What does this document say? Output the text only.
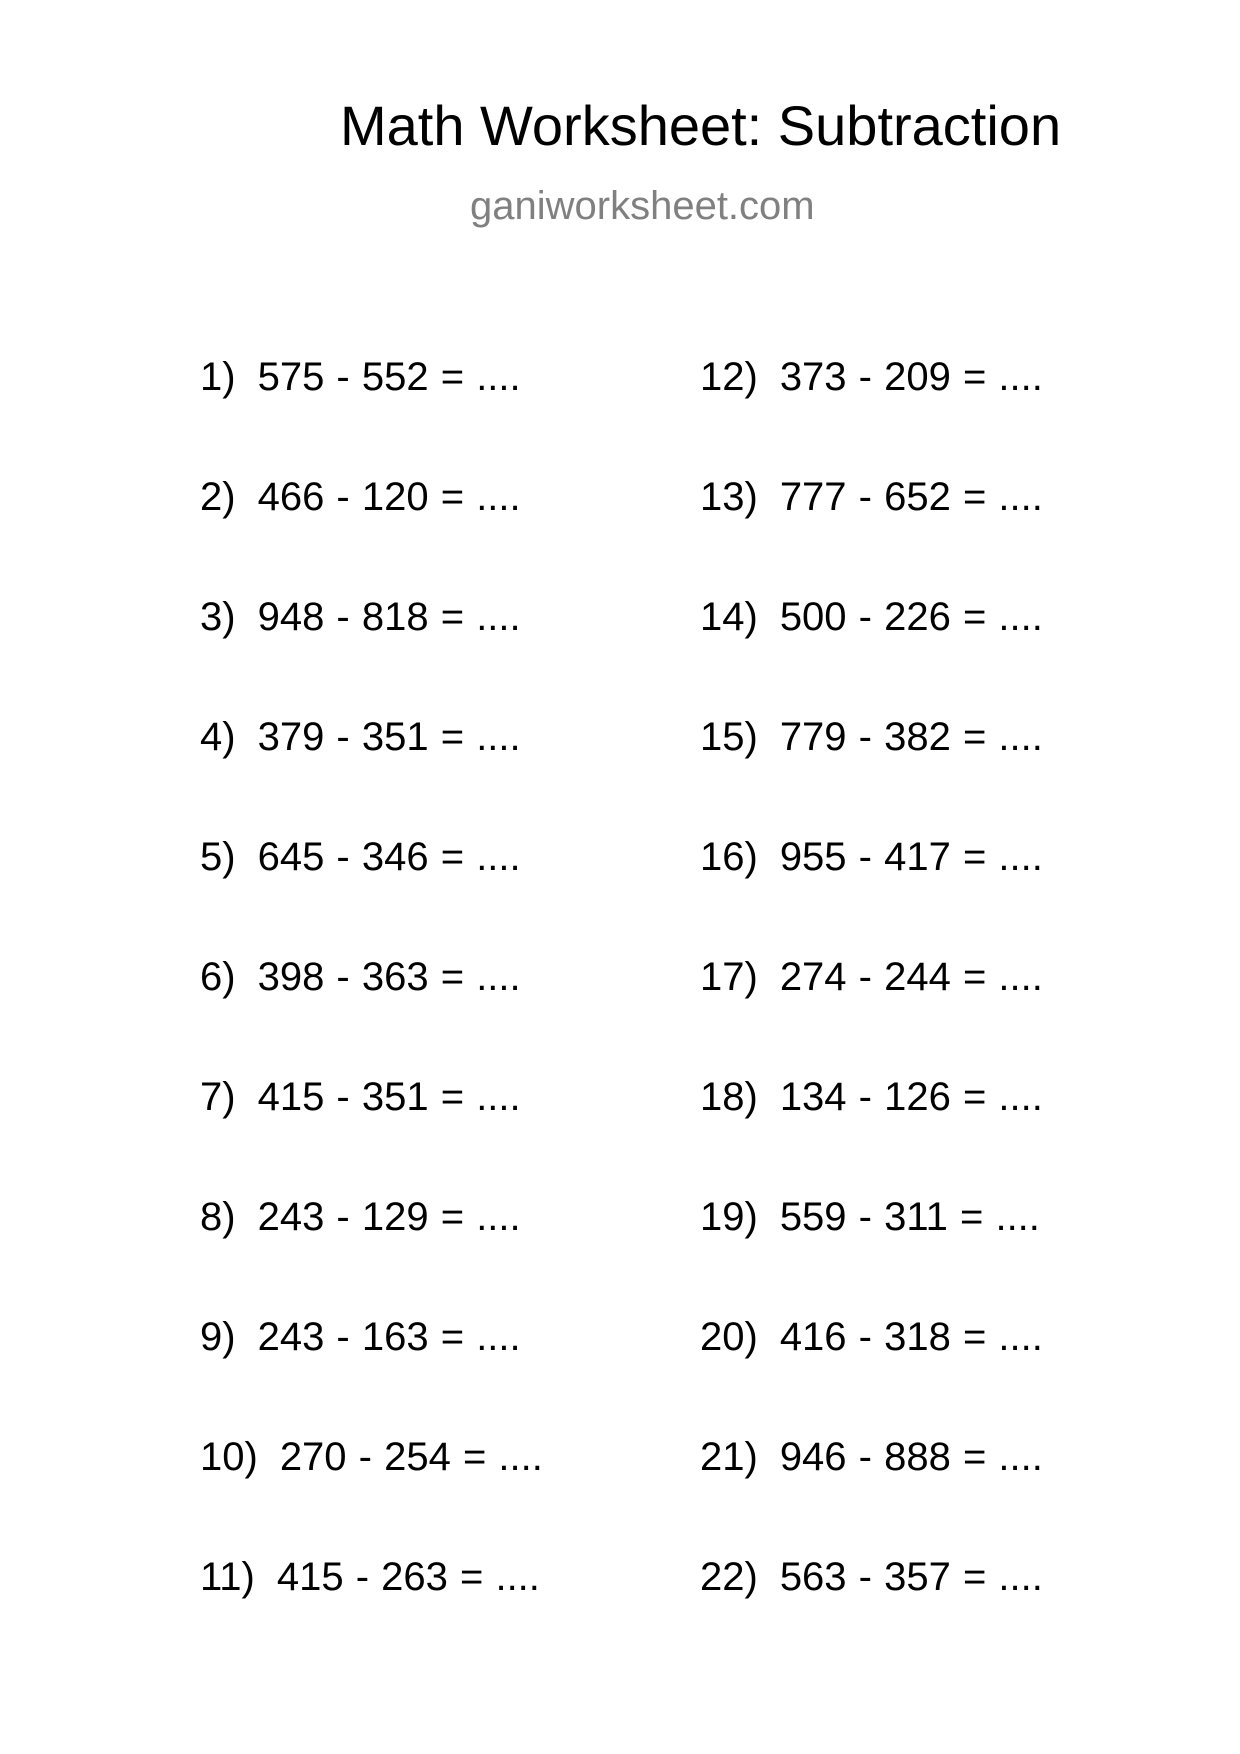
Math Worksheet: Subtraction
ganiworksheet.com
1) 575 - 552 = ....
2) 466 - 120 = ....
3) 948 - 818 = ....
4) 379 - 351 = ....
5) 645 - 346 = ....
6) 398 - 363 = ....
7) 415 - 351 = ....
8) 243 - 129 = ....
9) 243 - 163 = ....
10) 270 - 254 = ....
11) 415 - 263 = ....
12) 373 - 209 = ....
13) 777 - 652 = ....
14) 500 - 226 = ....
15) 779 - 382 = ....
16) 955 - 417 = ....
17) 274 - 244 = ....
18) 134 - 126 = ....
19) 559 - 311 = ....
20) 416 - 318 = ....
21) 946 - 888 = ....
22) 563 - 357 = ....
